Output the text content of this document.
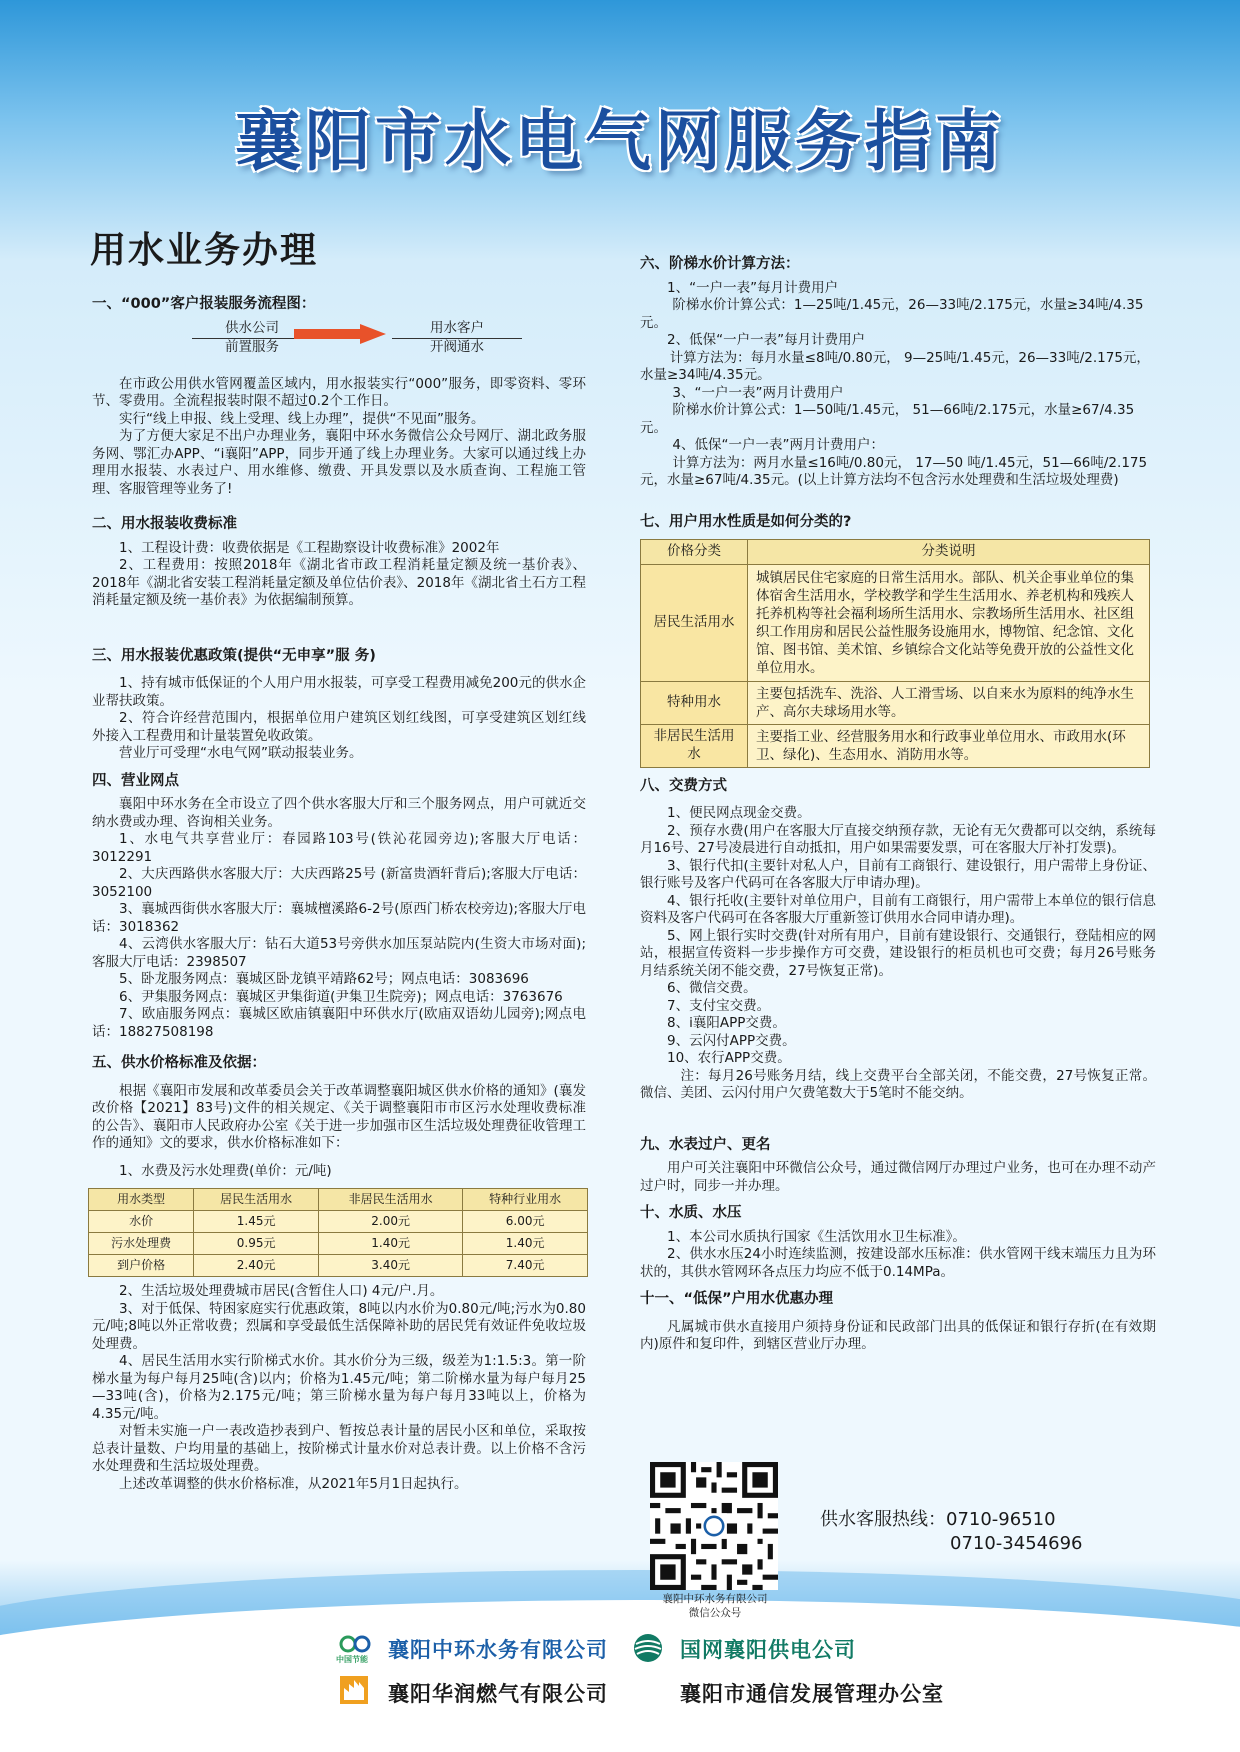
襄阳市水电气网服务指南
用水业务办理

一、“000”客户报装服务流程图：

供水公司
前置服务
用水客户
开阀通水

在市政公用供水管网覆盖区域内，用水报装实行“000”服务，即零资料、零环节、零费用。全流程报装时限不超过0.2个工作日。

实行“线上申报、线上受理、线上办理”，提供“不见面”服务。

为了方便大家足不出户办理业务，襄阳中环水务微信公众号网厅、湖北政务服务网、鄂汇办APP、“i襄阳”APP，同步开通了线上办理业务。大家可以通过线上办理用水报装、水表过户、用水维修、缴费、开具发票以及水质查询、工程施工管理、客服管理等业务了!

二、用水报装收费标准

1、工程设计费：收费依据是《工程勘察设计收费标准》2002年

2、工程费用：按照2018年《湖北省市政工程消耗量定额及统一基价表》、2018年《湖北省安装工程消耗量定额及单位估价表》、2018年《湖北省土石方工程消耗量定额及统一基价表》为依据编制预算。

三、用水报装优惠政策(提供“无申享”服 务)

1、持有城市低保证的个人用户用水报装，可享受工程费用减免200元的供水企业帮扶政策。

2、符合许经营范围内，根据单位用户建筑区划红线图，可享受建筑区划红线外接入工程费用和计量装置免收政策。

营业厅可受理“水电气网”联动报装业务。

四、营业网点

襄阳中环水务在全市设立了四个供水客服大厅和三个服务网点，用户可就近交纳水费或办理、咨询相关业务。

1、水电气共享营业厅：春园路103号(铁沁花园旁边);客服大厅电话：3012291

2、大庆西路供水客服大厅：大庆西路25号 (新富贵酒轩背后);客服大厅电话：3052100

3、襄城西街供水客服大厅：襄城檀溪路6-2号(原西门桥农校旁边);客服大厅电话：3018362

4、云湾供水客服大厅：钻石大道53号旁供水加压泵站院内(生资大市场对面);客服大厅电话：2398507

5、卧龙服务网点：襄城区卧龙镇平靖路62号；网点电话：3083696

6、尹集服务网点：襄城区尹集街道(尹集卫生院旁)；网点电话：3763676

7、欧庙服务网点：襄城区欧庙镇襄阳中环供水厅(欧庙双语幼儿园旁);网点电话：18827508198

五、供水价格标准及依据：

根据《襄阳市发展和改革委员会关于改革调整襄阳城区供水价格的通知》(襄发改价格【2021】83号)文件的相关规定、《关于调整襄阳市市区污水处理收费标准的公告》、襄阳市人民政府办公室《关于进一步加强市区生活垃圾处理费征收管理工作的通知》文的要求，供水价格标准如下：

1、水费及污水处理费(单价：元/吨)

用水类型	居民生活用水	非居民生活用水	特种行业用水
水价	1.45元	2.00元	6.00元
污水处理费	0.95元	1.40元	1.40元
到户价格	2.40元	3.40元	7.40元

2、生活垃圾处理费城市居民(含暂住人口) 4元/户.月。

3、对于低保、特困家庭实行优惠政策，8吨以内水价为0.80元/吨;污水为0.80元/吨;8吨以外正常收费；烈属和享受最低生活保障补助的居民凭有效证件免收垃圾处理费。

4、居民生活用水实行阶梯式水价。其水价分为三级，级差为1:1.5:3。第一阶梯水量为每户每月25吨(含)以内；价格为1.45元/吨；第二阶梯水量为每户每月25—33吨(含)，价格为2.175元/吨；第三阶梯水量为每户每月33吨以上，价格为4.35元/吨。

对暂未实施一户一表改造抄表到户、暂按总表计量的居民小区和单位，采取按总表计量数、户均用量的基础上，按阶梯式计量水价对总表计费。以上价格不含污水处理费和生活垃圾处理费。

上述改革调整的供水价格标准，从2021年5月1日起执行。

六、阶梯水价计算方法：

1、“一户一表”每月计费用户

阶梯水价计算公式：1—25吨/1.45元，26—33吨/2.175元，水量≥34吨/4.35元。

2、低保“一户一表”每月计费用户

计算方法为：每月水量≤8吨/0.80元， 9—25吨/1.45元，26—33吨/2.175元，水量≥34吨/4.35元。

3、“一户一表”两月计费用户

阶梯水价计算公式：1—50吨/1.45元， 51—66吨/2.175元，水量≥67/4.35元。

4、低保“一户一表”两月计费用户：

计算方法为：两月水量≤16吨/0.80元， 17—50 吨/1.45元，51—66吨/2.175元，水量≥67吨/4.35元。(以上计算方法均不包含污水处理费和生活垃圾处理费)

七、用户用水性质是如何分类的?

价格分类	分类说明
居民生活用水	城镇居民住宅家庭的日常生活用水。部队、机关企事业单位的集体宿舍生活用水，学校教学和学生生活用水、养老机构和残疾人托养机构等社会福利场所生活用水、宗教场所生活用水、社区组织工作用房和居民公益性服务设施用水，博物馆、纪念馆、文化馆、图书馆、美术馆、乡镇综合文化站等免费开放的公益性文化单位用水。
特种用水	主要包括洗车、洗浴、人工滑雪场、以自来水为原料的纯净水生产、高尔夫球场用水等。
非居民生活用水	主要指工业、经营服务用水和行政事业单位用水、市政用水(环卫、绿化)、生态用水、消防用水等。

八、交费方式

1、便民网点现金交费。

2、预存水费(用户在客服大厅直接交纳预存款，无论有无欠费都可以交纳，系统每月16号、27号凌晨进行自动抵扣，用户如果需要发票，可在客服大厅补打发票)。

3、银行代扣(主要针对私人户，目前有工商银行、建设银行，用户需带上身份证、银行账号及客户代码可在各客服大厅申请办理)。

4、银行托收(主要针对单位用户，目前有工商银行，用户需带上本单位的银行信息资料及客户代码可在各客服大厅重新签订供用水合同申请办理)。

5、网上银行实时交费(针对所有用户，目前有建设银行、交通银行，登陆相应的网站，根据宣传资料一步步操作方可交费，建设银行的柜员机也可交费；每月26号账务月结系统关闭不能交费，27号恢复正常)。

6、微信交费。

7、支付宝交费。

8、i襄阳APP交费。

9、云闪付APP交费。

10、农行APP交费。

注：每月26号账务月结，线上交费平台全部关闭，不能交费，27号恢复正常。微信、美团、云闪付用户欠费笔数大于5笔时不能交纳。

九、水表过户、更名

用户可关注襄阳中环微信公众号，通过微信网厅办理过户业务，也可在办理不动产过户时，同步一并办理。

十、水质、水压

1、本公司水质执行国家《生活饮用水卫生标准》。

2、供水水压24小时连续监测，按建设部水压标准：供水管网干线末端压力且为环状的，其供水管网环各点压力均应不低于0.14MPa。

十一、“低保”户用水优惠办理

凡属城市供水直接用户须持身份证和民政部门出具的低保证和银行存折(在有效期内)原件和复印件，到辖区营业厅办理。

襄阳中环水务有限公司
微信公众号
供水客服热线：0710-96510
0710-3454696
中国节能 襄阳中环水务有限公司	国网襄阳供电公司
襄阳华润燃气有限公司	襄阳市通信发展管理办公室
